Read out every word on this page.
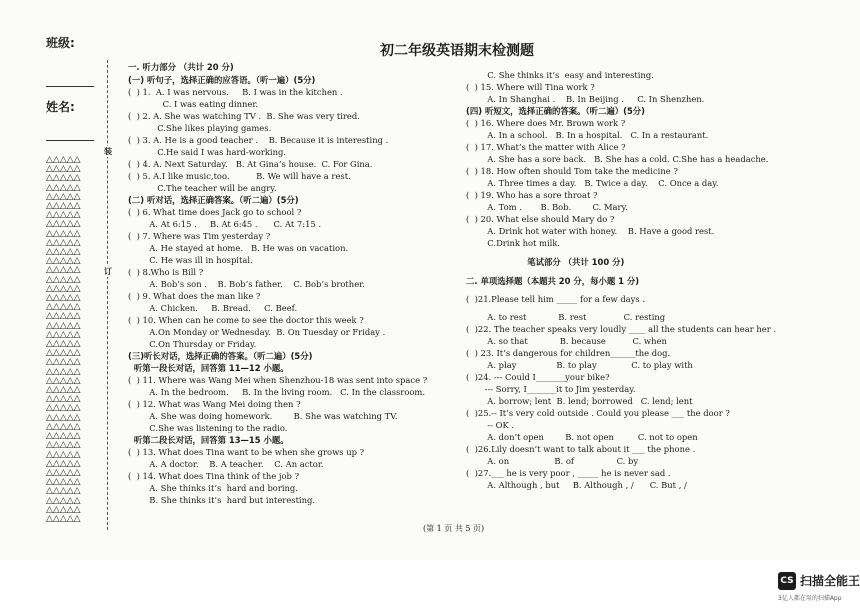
班级:
姓名:
△△△△△
△△△△△
△△△△△
△△△△△
△△△△△
△△△△△
△△△△△
△△△△△
△△△△△
△△△△△
△△△△△
△△△△△
△△△△△
△△△△△
△△△△△
△△△△△
△△△△△
△△△△△
△△△△△
△△△△△
△△△△△
△△△△△
△△△△△
△△△△△
△△△△△
△△△△△
△△△△△
△△△△△
△△△△△
△△△△△
△△△△△
△△△△△
△△△△△
△△△△△
△△△△△
△△△△△
△△△△△
△△△△△
△△△△△
△△△△△
装
订
初二年级英语期末检测题
一. 听力部分 （共计 20 分)
(一) 听句子，选择正确的应答语。（听一遍）(5分)
(  ) 1.  A. I was nervous.     B. I was in the kitchen .
C. I was eating dinner.
(  ) 2. A. She was watching TV .  B. She was very tired.
C.She likes playing games.
(  ) 3. A. He is a good teacher .    B. Because it is interesting .
C.He said I was hard-working.
(  ) 4. A. Next Saturday.   B. At Gina’s house.  C. For Gina.
(  ) 5. A.I like music,too.          B. We will have a rest.
C.The teacher will be angry.
(二) 听对话，选择正确答案。（听二遍）(5分)
(  ) 6. What time does Jack go to school ?
A. At 6:15 .     B. At 6:45 .      C. At 7:15 .
(  ) 7. Where was Tim yesterday ?
A. He stayed at home.   B. He was on vacation.
C. He was ill in hospital.
(  ) 8.Who is Bill ?
A. Bob’s son .    B. Bob’s father.    C. Bob’s brother.
(  ) 9. What does the man like ?
A. Chicken.     B. Bread.     C. Beef.
(  ) 10. When can he come to see the doctor this week ?
A.On Monday or Wednesday.  B. On Tuesday or Friday .
C.On Thursday or Friday.
(三)听长对话，选择正确的答案。（听二遍）(5分)
听第一段长对话，回答第 11—12 小题。
(  ) 11. Where was Wang Mei when Shenzhou-18 was sent into space ?
A. In the bedroom.     B. In the living room.   C. In the classroom.
(  ) 12. What was Wang Mei doing then ?
A. She was doing homework.        B. She was watching TV.
C.She was listening to the radio.
听第二段长对话，回答第 13—15 小题。
(  ) 13. What does Tina want to be when she grows up ?
A. A doctor.    B. A teacher.    C. An actor.
(  ) 14. What does Tina think of the job ?
A. She thinks it’s  hard and boring.
B. She thinks it’s  hard but interesting.
C. She thinks it’s  easy and interesting.
(  ) 15. Where will Tina work ?
A. In Shanghai .    B. In Beijing .     C. In Shenzhen.
(四) 听短文，选择正确的答案。（听二遍）(5分)
(  ) 16. Where does Mr. Brown work ?
A. In a school.   B. In a hospital.   C. In a restaurant.
(  ) 17. What’s the matter with Alice ?
A. She has a sore back.   B. She has a cold. C.She has a headache.
(  ) 18. How often should Tom take the medicine ?
A. Three times a day.   B. Twice a day.    C. Once a day.
(  ) 19. Who has a sore throat ?
A. Tom .       B. Bob.        C. Mary.
(  ) 20. What else should Mary do ?
A. Drink hot water with honey.    B. Have a good rest.
C.Drink hot milk.
笔试部分 （共计 100 分)
二. 单项选择题（本题共 20 分，每小题 1 分)
(  )21.Please tell him _____ for a few days .
A. to rest            B. rest              C. resting
(  )22. The teacher speaks very loudly ____ all the students can hear her .
A. so that            B. because          C. when
(  ) 23. It’s dangerous for children______the dog.
A. play               B. to play             C. to play with
(  )24. --- Could I_______your bike?
--- Sorry, I_______it to Jim yesterday.
A. borrow; lent  B. lend; borrowed   C. lend; lent
(  )25.-- It’s very cold outside . Could you please ___ the door ?
-- OK .
A. don’t open        B. not open         C. not to open
(  )26.Lily doesn’t want to talk about it ___ the phone .
A. on                 B. of                C. by
(  )27.___ he is very poor , _____ he is never sad .
A. Although , but     B. Although , /      C. But , /
(第 1 页 共 5 页)
CS 扫描全能王
3亿人都在用的扫描App
